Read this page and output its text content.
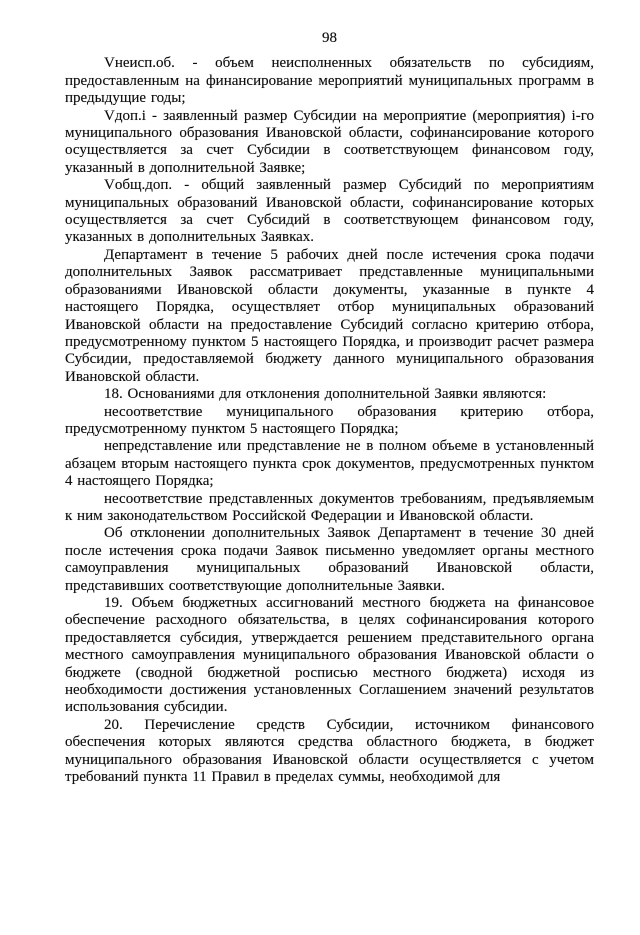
98

Vнеисп.об. - объем неисполненных обязательств по субсидиям, предоставленным на финансирование мероприятий муниципальных программ в предыдущие годы;

Vдоп.i - заявленный размер Субсидии на мероприятие (мероприятия) i-го муниципального образования Ивановской области, софинансирование которого осуществляется за счет Субсидии в соответствующем финансовом году, указанный в дополнительной Заявке;

Vобщ.доп. - общий заявленный размер Субсидий по мероприятиям муниципальных образований Ивановской области, софинансирование которых осуществляется за счет Субсидий в соответствующем финансовом году, указанных в дополнительных Заявках.

Департамент в течение 5 рабочих дней после истечения срока подачи дополнительных Заявок рассматривает представленные муниципальными образованиями Ивановской области документы, указанные в пункте 4 настоящего Порядка, осуществляет отбор муниципальных образований Ивановской области на предоставление Субсидий согласно критерию отбора, предусмотренному пунктом 5 настоящего Порядка, и производит расчет размера Субсидии, предоставляемой бюджету данного муниципального образования Ивановской области.

18. Основаниями для отклонения дополнительной Заявки являются:

несоответствие муниципального образования критерию отбора, предусмотренному пунктом 5 настоящего Порядка;

непредставление или представление не в полном объеме в установленный абзацем вторым настоящего пункта срок документов, предусмотренных пунктом 4 настоящего Порядка;

несоответствие представленных документов требованиям, предъявляемым к ним законодательством Российской Федерации и Ивановской области.

Об отклонении дополнительных Заявок Департамент в течение 30 дней после истечения срока подачи Заявок письменно уведомляет органы местного самоуправления муниципальных образований Ивановской области, представивших соответствующие дополнительные Заявки.

19. Объем бюджетных ассигнований местного бюджета на финансовое обеспечение расходного обязательства, в целях софинансирования которого предоставляется субсидия, утверждается решением представительного органа местного самоуправления муниципального образования Ивановской области о бюджете (сводной бюджетной росписью местного бюджета) исходя из необходимости достижения установленных Соглашением значений результатов использования субсидии.

20. Перечисление средств Субсидии, источником финансового обеспечения которых являются средства областного бюджета, в бюджет муниципального образования Ивановской области осуществляется с учетом требований пункта 11 Правил в пределах суммы, необходимой для
